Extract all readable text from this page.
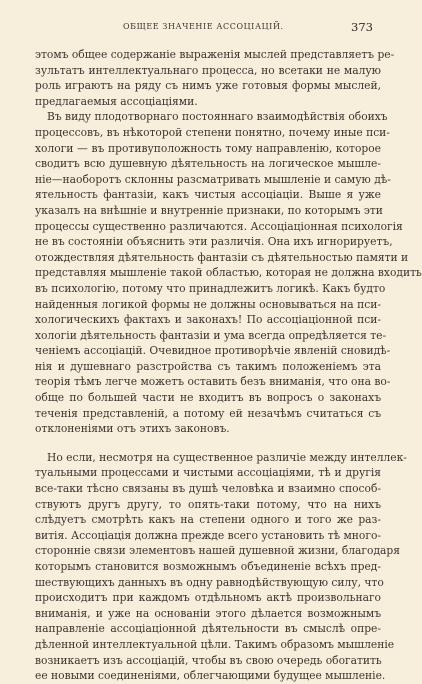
ОБЩЕЕ ЗНАЧЕНІЕ АССОЦІАЦІЙ.	373
этомъ общее содержаніе выраженія мыслей представляетъ ре-
зультатъ интеллектуальнаго процесса, но всетаки не малую
роль играютъ на ряду съ нимъ уже готовыя формы мыслей,
предлагаемыя ассоціаціями.
Въ виду плодотворнаго постояннаго взаимодѣйствія обоихъ
процессовъ, въ нѣкоторой степени понятно, почему иные пси-
хологи — въ противуположность тому направленію, которое
сводитъ всю душевную дѣятельность на логическое мышле-
ніе—наоборотъ склонны разсматривать мышленіе и самую дѣ-
ятельность фантазіи, какъ чистыя ассоціаціи. Выше я уже
указалъ на внѣшніе и внутренніе признаки, по которымъ эти
процессы существенно различаются. Ассоціаціонная психологія
не въ состояніи объяснить эти различія. Она ихъ игнорируетъ,
отождествляя дѣятельность фантазіи съ дѣятельностью памяти и
представляя мышленіе такой областью, которая не должна входить
въ психологію, потому что принадлежитъ логикѣ. Какъ будто
найденныя логикой формы не должны основываться на пси-
хологическихъ фактахъ и законахъ! По ассоціаціонной пси-
хологіи дѣятельность фантазіи и ума всегда опредѣляется те-
ченіемъ ассоціацій. Очевидное противорѣчіе явленій сновидѣ-
нія и душевнаго разстройства съ такимъ положеніемъ эта
теорія тѣмъ легче можетъ оставить безъ вниманія, что она во-
обще по большей части не входитъ въ вопросъ о законахъ
теченія представленій, а потому ей незачѣмъ считаться съ
отклоненіями отъ этихъ законовъ.
Но если, несмотря на существенное различіе между интеллек-
туальными процессами и чистыми ассоціаціями, тѣ и другія
все-таки тѣсно связаны въ душѣ человѣка и взаимно способ-
ствуютъ другъ другу, то опять-таки потому, что на нихъ
слѣдуетъ смотрѣть какъ на степени одного и того же раз-
витія. Ассоціація должна прежде всего установить тѣ много-
сторонніе связи элементовъ нашей душевной жизни, благодаря
которымъ становится возможнымъ объединеніе всѣхъ пред-
шествующихъ данныхъ въ одну равнодѣйствующую силу, что
происходитъ при каждомъ отдѣльномъ актѣ произвольнаго
вниманія, и уже на основаніи этого дѣлается возможнымъ
направленіе ассоціаціонной дѣятельности въ смыслѣ опре-
дѣленной интеллектуальной цѣли. Такимъ образомъ мышленіе
возникаетъ изъ ассоціацій, чтобы въ свою очередь обогатить
ее новыми соединеніями, облегчающими будущее мышленіе.
